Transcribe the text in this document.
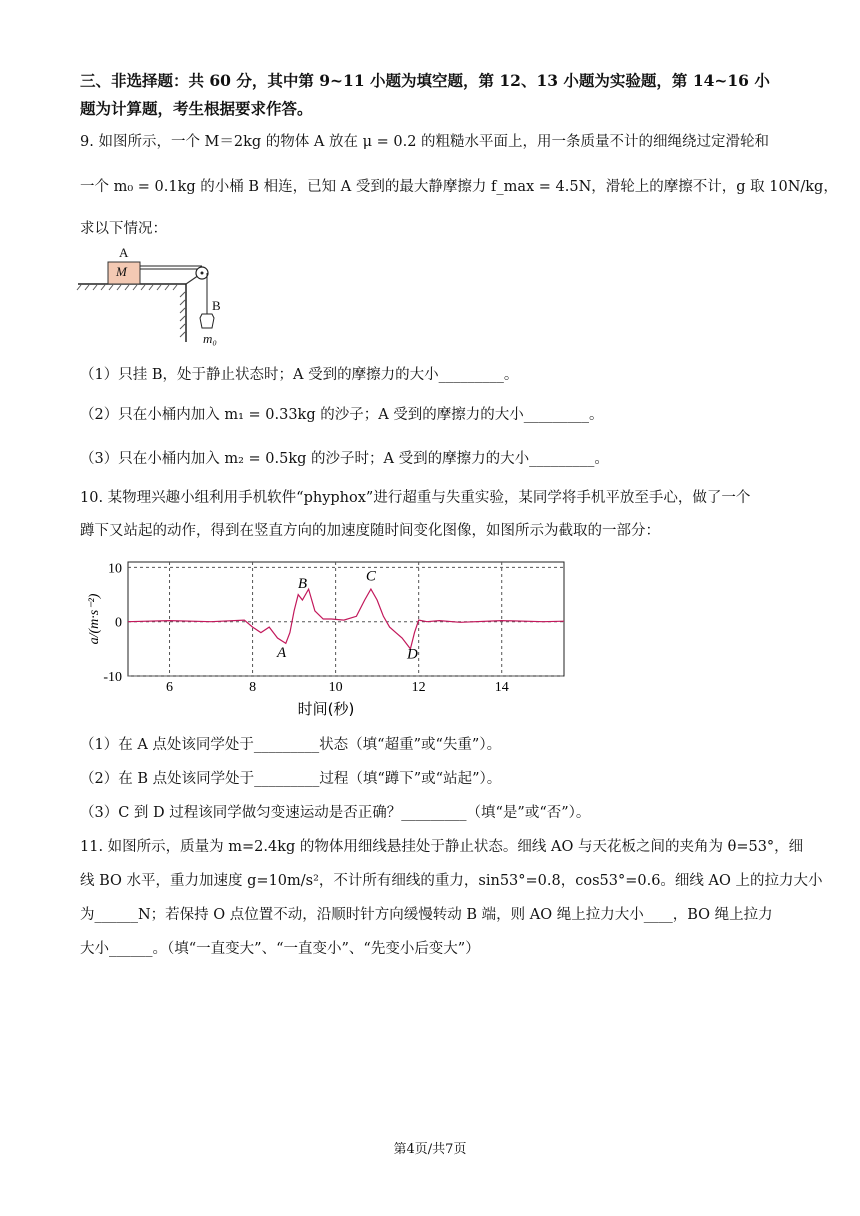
三、非选择题：共 60 分，其中第 9~11 小题为填空题，第 12、13 小题为实验题，第 14~16 小
题为计算题，考生根据要求作答。
9. 如图所示，一个 M＝2kg 的物体 A 放在 μ = 0.2 的粗糙水平面上，用一条质量不计的细绳绕过定滑轮和
一个 m₀ = 0.1kg 的小桶 B 相连，已知 A 受到的最大静摩擦力 f_max = 4.5N，滑轮上的摩擦不计，g 取 10N/kg，
求以下情况：
A
M
B
m₀
（1）只挂 B，处于静止状态时；A 受到的摩擦力的大小_________。
（2）只在小桶内加入 m₁ = 0.33kg 的沙子；A 受到的摩擦力的大小_________。
（3）只在小桶内加入 m₂ = 0.5kg 的沙子时；A 受到的摩擦力的大小_________。
10. 某物理兴趣小组利用手机软件“phyphox”进行超重与失重实验，某同学将手机平放至手心，做了一个
蹲下又站起的动作，得到在竖直方向的加速度随时间变化图像，如图所示为截取的一部分：
6	8	10	12	14
10
0
-10
A
B	C
D
时间(秒)
a/(m·s⁻²)
（1）在 A 点处该同学处于_________状态（填“超重”或“失重”）。
（2）在 B 点处该同学处于_________过程（填“蹲下”或“站起”）。
（3）C 到 D 过程该同学做匀变速运动是否正确？_________（填“是”或“否”）。
11. 如图所示，质量为 m=2.4kg 的物体用细线悬挂处于静止状态。细线 AO 与天花板之间的夹角为 θ=53°，细
线 BO 水平，重力加速度 g=10m/s²，不计所有细线的重力，sin53°=0.8，cos53°=0.6。细线 AO 上的拉力大小
为______N；若保持 O 点位置不动，沿顺时针方向缓慢转动 B 端，则 AO 绳上拉力大小____，BO 绳上拉力
大小______。（填“一直变大”、“一直变小”、“先变小后变大”）
第4页/共7页
